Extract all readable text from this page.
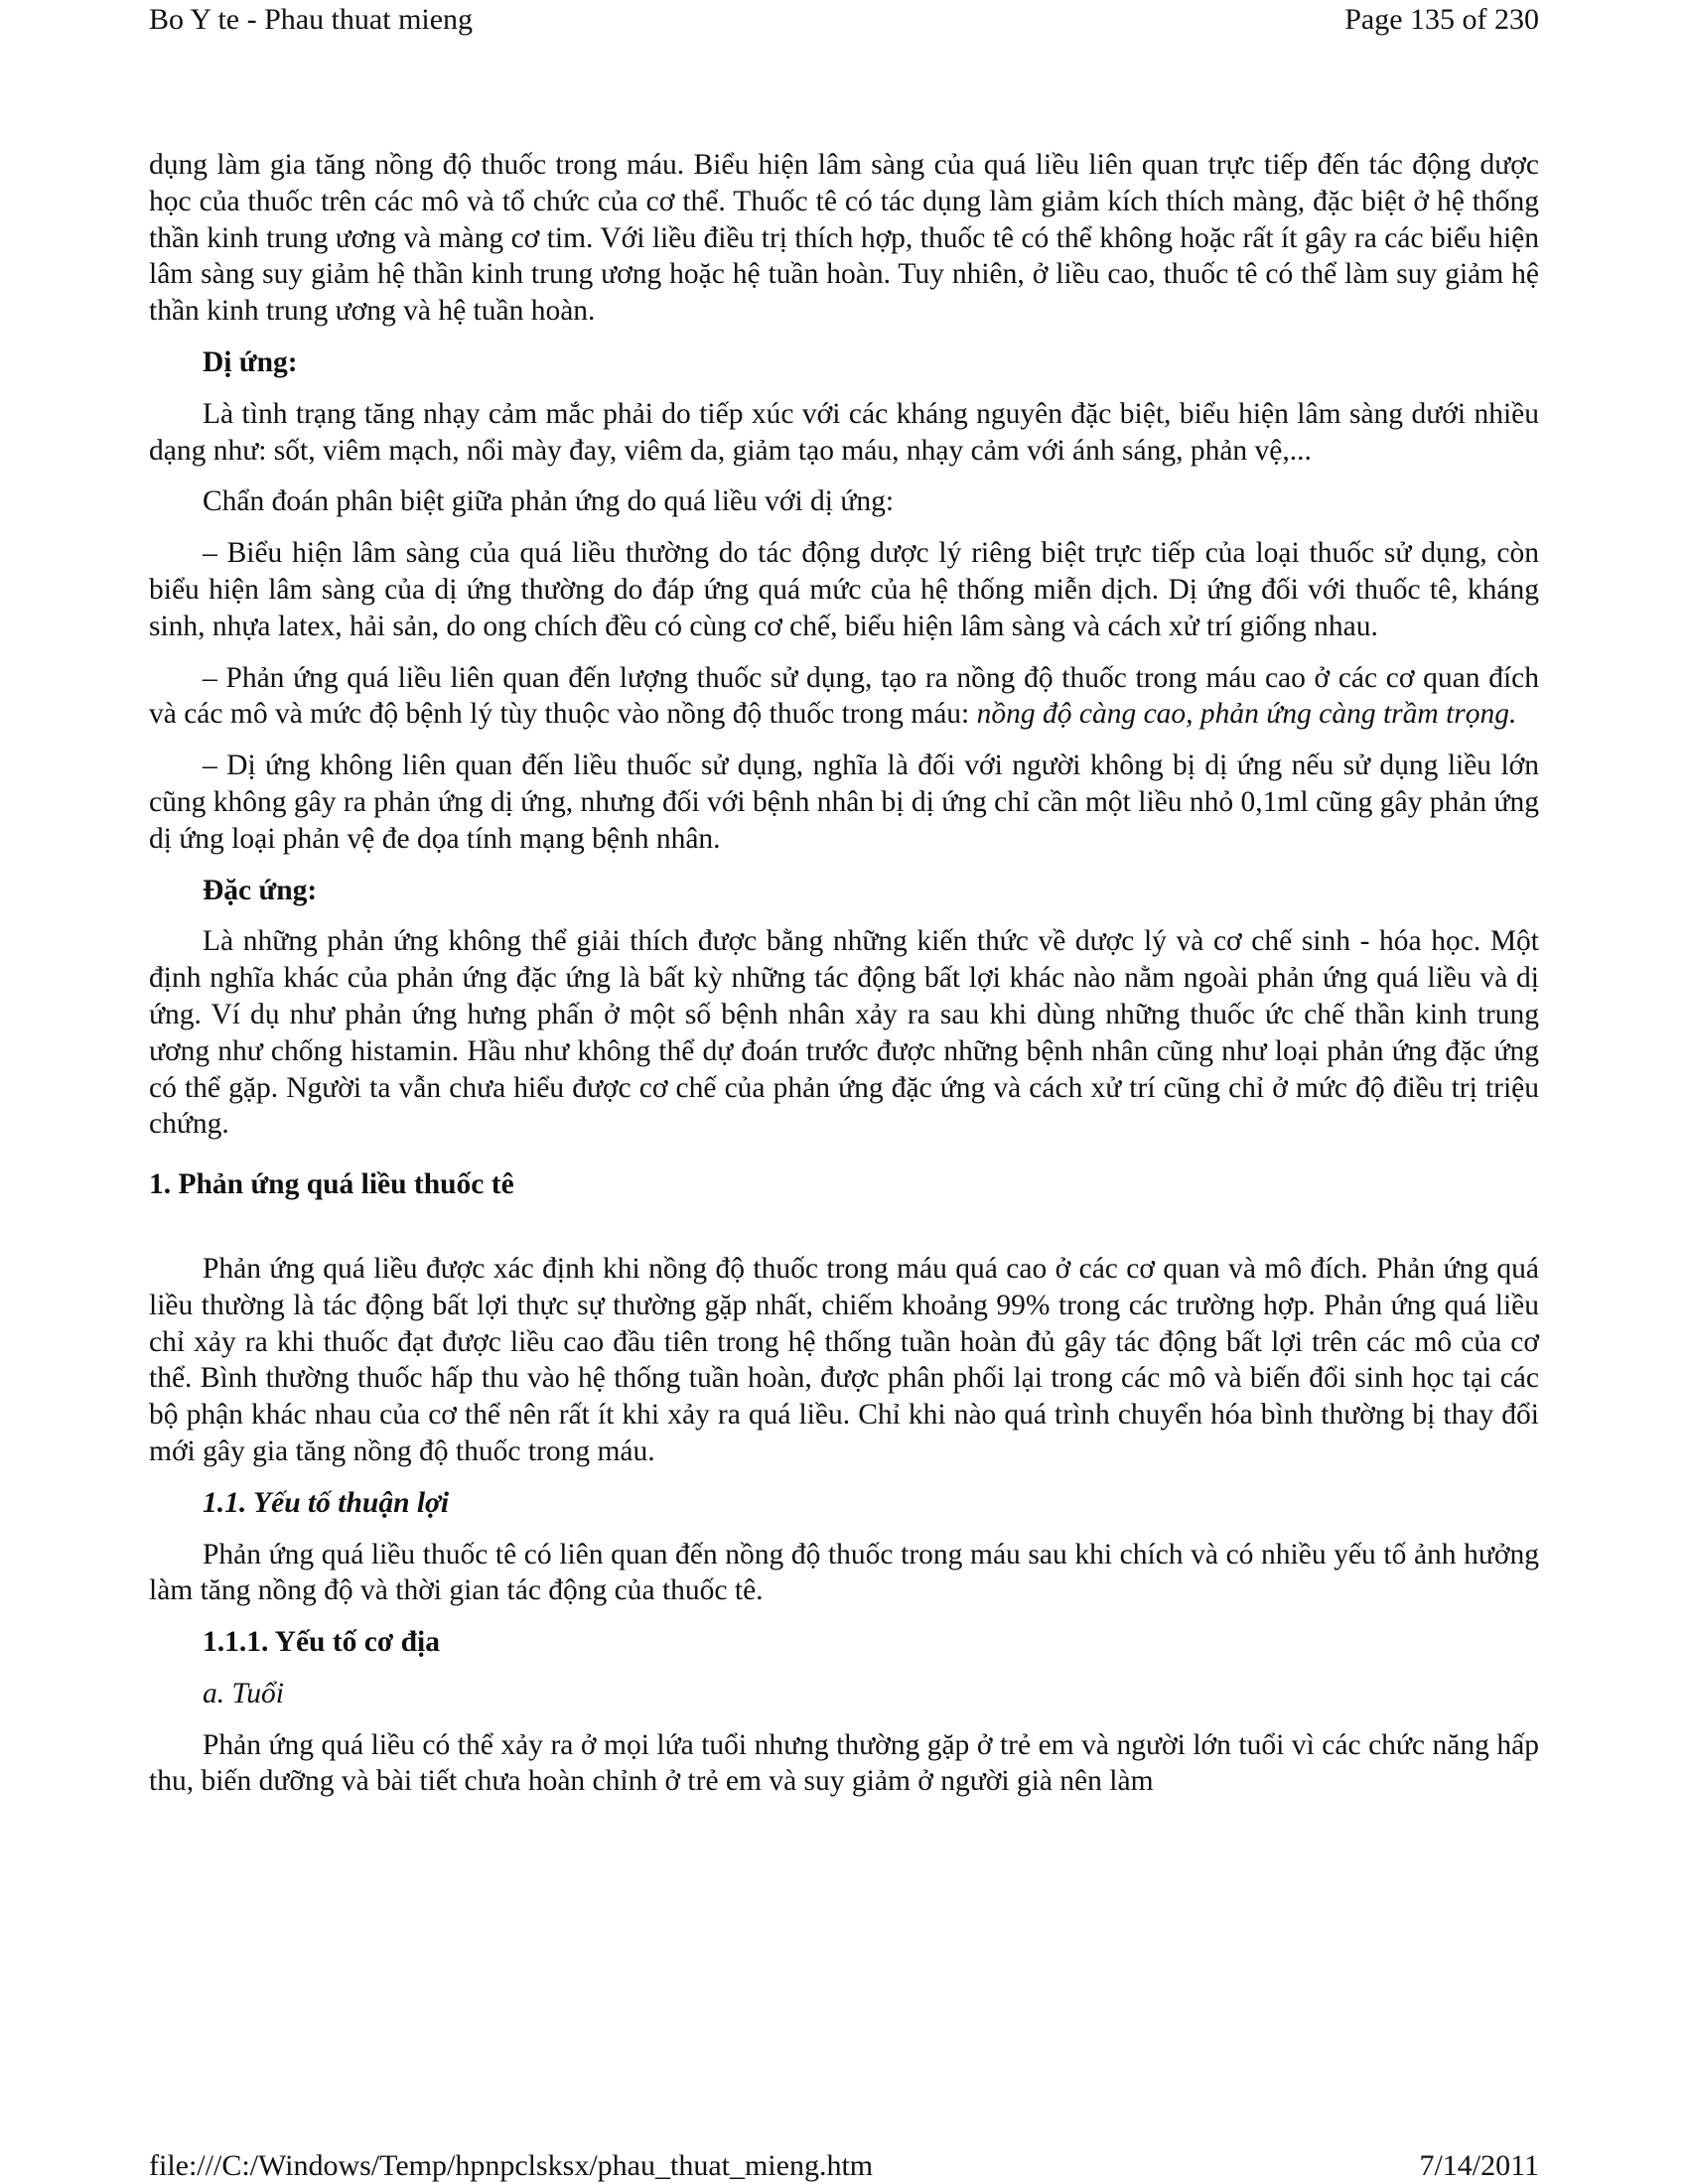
Bo Y te - Phau thuat mieng	Page 135 of 230

dụng làm gia tăng nồng độ thuốc trong máu. Biểu hiện lâm sàng của quá liều liên quan trực tiếp đến tác động dược học của thuốc trên các mô và tổ chức của cơ thể. Thuốc tê có tác dụng làm giảm kích thích màng, đặc biệt ở hệ thống thần kinh trung ương và màng cơ tim. Với liều điều trị thích hợp, thuốc tê có thể không hoặc rất ít gây ra các biểu hiện lâm sàng suy giảm hệ thần kinh trung ương hoặc hệ tuần hoàn. Tuy nhiên, ở liều cao, thuốc tê có thể làm suy giảm hệ thần kinh trung ương và hệ tuần hoàn.

Dị ứng:

Là tình trạng tăng nhạy cảm mắc phải do tiếp xúc với các kháng nguyên đặc biệt, biểu hiện lâm sàng dưới nhiều dạng như: sốt, viêm mạch, nổi mày đay, viêm da, giảm tạo máu, nhạy cảm với ánh sáng, phản vệ,...

Chẩn đoán phân biệt giữa phản ứng do quá liều với dị ứng:

– Biểu hiện lâm sàng của quá liều thường do tác động dược lý riêng biệt trực tiếp của loại thuốc sử dụng, còn biểu hiện lâm sàng của dị ứng thường do đáp ứng quá mức của hệ thống miễn dịch. Dị ứng đối với thuốc tê, kháng sinh, nhựa latex, hải sản, do ong chích đều có cùng cơ chế, biểu hiện lâm sàng và cách xử trí giống nhau.

– Phản ứng quá liều liên quan đến lượng thuốc sử dụng, tạo ra nồng độ thuốc trong máu cao ở các cơ quan đích và các mô và mức độ bệnh lý tùy thuộc vào nồng độ thuốc trong máu: nồng độ càng cao, phản ứng càng trầm trọng.

– Dị ứng không liên quan đến liều thuốc sử dụng, nghĩa là đối với người không bị dị ứng nếu sử dụng liều lớn cũng không gây ra phản ứng dị ứng, nhưng đối với bệnh nhân bị dị ứng chỉ cần một liều nhỏ 0,1ml cũng gây phản ứng dị ứng loại phản vệ đe dọa tính mạng bệnh nhân.

Đặc ứng:

Là những phản ứng không thể giải thích được bằng những kiến thức về dược lý và cơ chế sinh - hóa học. Một định nghĩa khác của phản ứng đặc ứng là bất kỳ những tác động bất lợi khác nào nằm ngoài phản ứng quá liều và dị ứng. Ví dụ như phản ứng hưng phấn ở một số bệnh nhân xảy ra sau khi dùng những thuốc ức chế thần kinh trung ương như chống histamin. Hầu như không thể dự đoán trước được những bệnh nhân cũng như loại phản ứng đặc ứng có thể gặp. Người ta vẫn chưa hiểu được cơ chế của phản ứng đặc ứng và cách xử trí cũng chỉ ở mức độ điều trị triệu chứng.

1. Phản ứng quá liều thuốc tê

Phản ứng quá liều được xác định khi nồng độ thuốc trong máu quá cao ở các cơ quan và mô đích. Phản ứng quá liều thường là tác động bất lợi thực sự thường gặp nhất, chiếm khoảng 99% trong các trường hợp. Phản ứng quá liều chỉ xảy ra khi thuốc đạt được liều cao đầu tiên trong hệ thống tuần hoàn đủ gây tác động bất lợi trên các mô của cơ thể. Bình thường thuốc hấp thu vào hệ thống tuần hoàn, được phân phối lại trong các mô và biến đổi sinh học tại các bộ phận khác nhau của cơ thể nên rất ít khi xảy ra quá liều. Chỉ khi nào quá trình chuyển hóa bình thường bị thay đổi mới gây gia tăng nồng độ thuốc trong máu.

1.1. Yếu tố thuận lợi

Phản ứng quá liều thuốc tê có liên quan đến nồng độ thuốc trong máu sau khi chích và có nhiều yếu tố ảnh hưởng làm tăng nồng độ và thời gian tác động của thuốc tê.

1.1.1. Yếu tố cơ địa
a. Tuổi

Phản ứng quá liều có thể xảy ra ở mọi lứa tuổi nhưng thường gặp ở trẻ em và người lớn tuổi vì các chức năng hấp thu, biến dưỡng và bài tiết chưa hoàn chỉnh ở trẻ em và suy giảm ở người già nên làm

file:///C:/Windows/Temp/hpnpclsksx/phau_thuat_mieng.htm	7/14/2011
